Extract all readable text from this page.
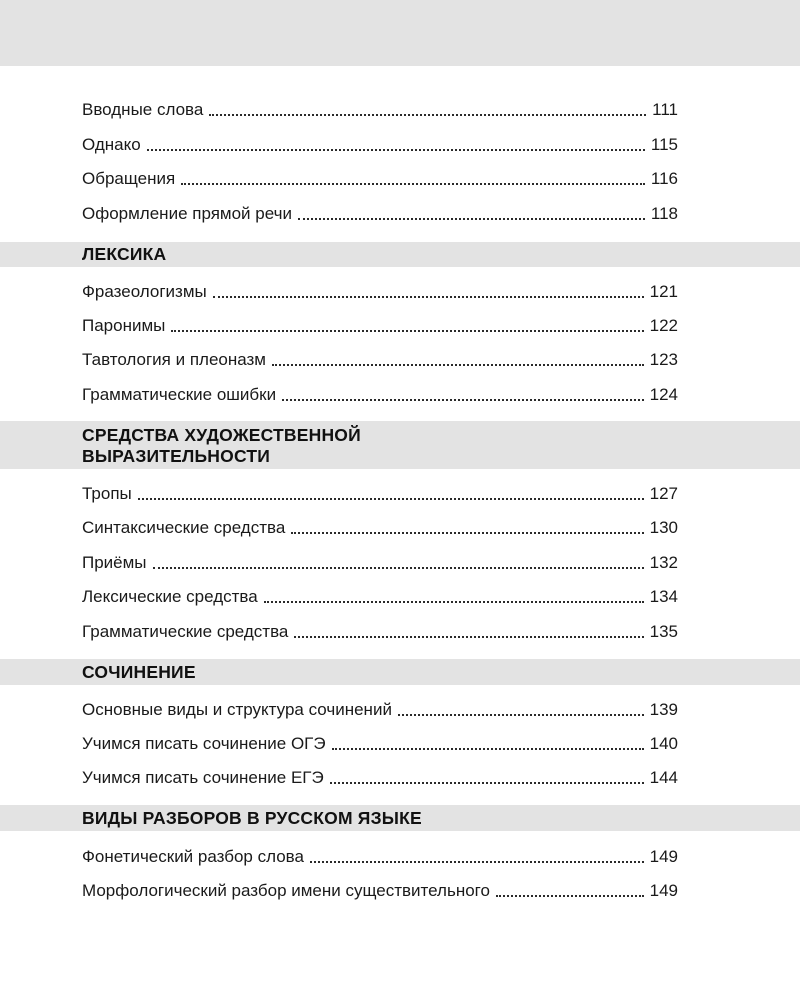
Вводные слова	111
Однако	115
Обращения	116
Оформление прямой речи	118
ЛЕКСИКА
Фразеологизмы	121
Паронимы	122
Тавтология и плеоназм	123
Грамматические ошибки	124
СРЕДСТВА ХУДОЖЕСТВЕННОЙ
ВЫРАЗИТЕЛЬНОСТИ
Тропы	127
Синтаксические средства	130
Приёмы	132
Лексические средства	134
Грамматические средства	135
СОЧИНЕНИЕ
Основные виды и структура сочинений	139
Учимся писать сочинение ОГЭ	140
Учимся писать сочинение ЕГЭ	144
ВИДЫ РАЗБОРОВ В РУССКОМ ЯЗЫКЕ
Фонетический разбор слова	149
Морфологический разбор имени существительного	149
